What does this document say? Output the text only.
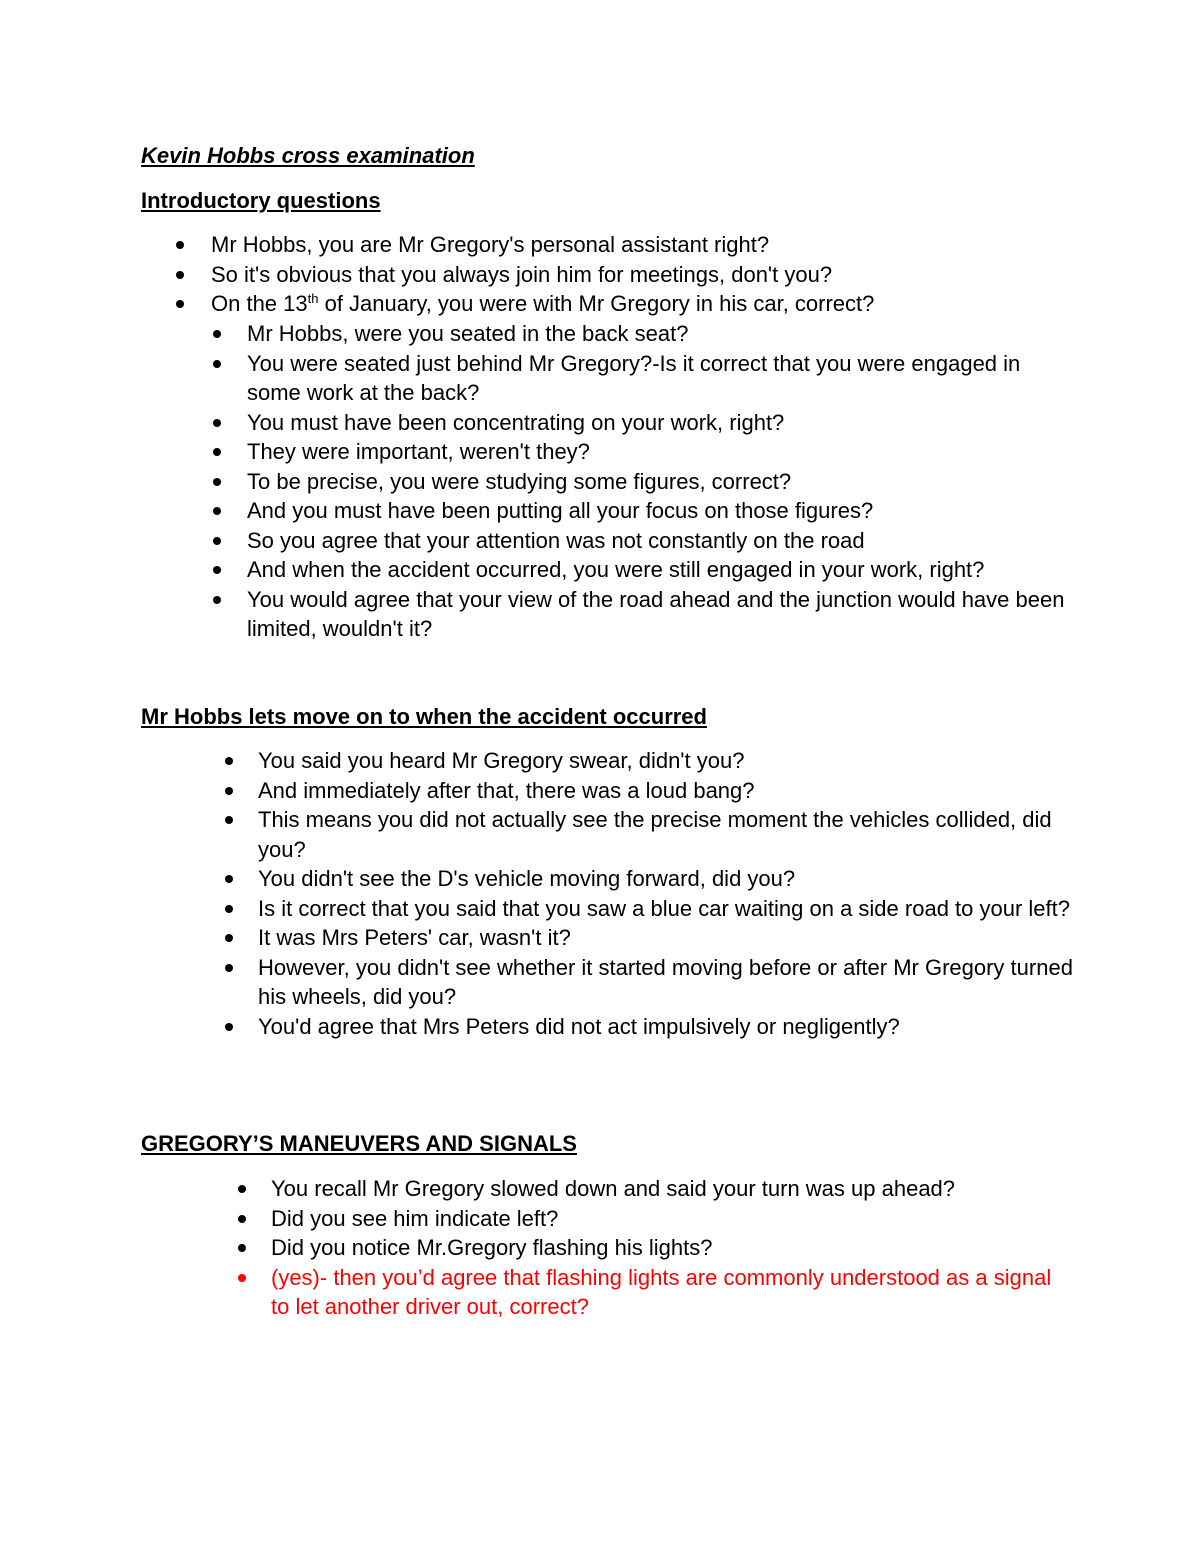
Kevin Hobbs cross examination
Introductory questions
Mr Hobbs, you are Mr Gregory's personal assistant right?
So it's obvious that you always join him for meetings, don't you?
On the 13th of January, you were with Mr Gregory in his car, correct?
Mr Hobbs, were you seated in the back seat?
You were seated just behind Mr Gregory?-Is it correct that you were engaged in some work at the back?
You must have been concentrating on your work, right?
They were important, weren't they?
To be precise, you were studying some figures, correct?
And you must have been putting all your focus on those figures?
So you agree that your attention was not constantly on the road
And when the accident occurred, you were still engaged in your work, right?
You would agree that your view of the road ahead and the junction would have been limited, wouldn't it?
Mr Hobbs lets move on to when the accident occurred
You said you heard Mr Gregory swear, didn't you?
And immediately after that, there was a loud bang?
This means you did not actually see the precise moment the vehicles collided, did you?
You didn't see the D's vehicle moving forward, did you?
Is it correct that you said that you saw a blue car waiting on a side road to your left?
It was Mrs Peters' car, wasn't it?
However, you didn't see whether it started moving before or after Mr Gregory turned his wheels, did you?
You'd agree that Mrs Peters did not act impulsively or negligently?
GREGORY’S MANEUVERS AND SIGNALS
You recall Mr Gregory slowed down and said your turn was up ahead?
Did you see him indicate left?
Did you notice Mr.Gregory flashing his lights?
(yes)- then you’d agree that flashing lights are commonly understood as a signal to let another driver out, correct?
